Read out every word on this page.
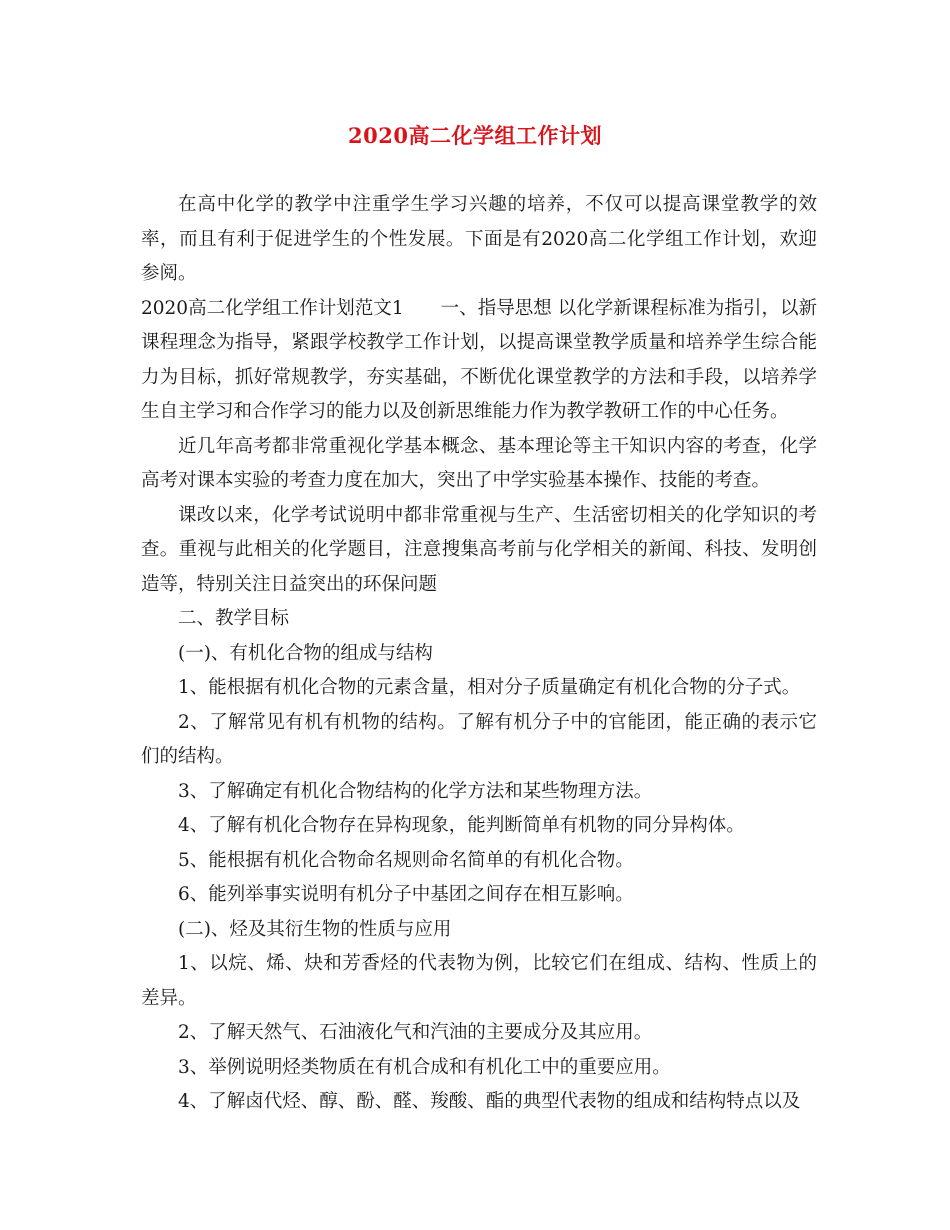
2020高二化学组工作计划

在高中化学的教学中注重学生学习兴趣的培养，不仅可以提高课堂教学的效率，而且有利于促进学生的个性发展。下面是有2020高二化学组工作计划，欢迎参阅。

2020高二化学组工作计划范文1　　一、指导思想 以化学新课程标准为指引，以新课程理念为指导，紧跟学校教学工作计划，以提高课堂教学质量和培养学生综合能力为目标，抓好常规教学，夯实基础，不断优化课堂教学的方法和手段，以培养学生自主学习和合作学习的能力以及创新思维能力作为教学教研工作的中心任务。

近几年高考都非常重视化学基本概念、基本理论等主干知识内容的考查，化学高考对课本实验的考查力度在加大，突出了中学实验基本操作、技能的考查。

课改以来，化学考试说明中都非常重视与生产、生活密切相关的化学知识的考查。重视与此相关的化学题目，注意搜集高考前与化学相关的新闻、科技、发明创造等，特别关注日益突出的环保问题

二、教学目标

(一)、有机化合物的组成与结构

1、能根据有机化合物的元素含量，相对分子质量确定有机化合物的分子式。

2、了解常见有机有机物的结构。了解有机分子中的官能团，能正确的表示它们的结构。

3、了解确定有机化合物结构的化学方法和某些物理方法。

4、了解有机化合物存在异构现象，能判断简单有机物的同分异构体。

5、能根据有机化合物命名规则命名简单的有机化合物。

6、能列举事实说明有机分子中基团之间存在相互影响。

(二)、烃及其衍生物的性质与应用

1、以烷、烯、炔和芳香烃的代表物为例，比较它们在组成、结构、性质上的差异。

2、了解天然气、石油液化气和汽油的主要成分及其应用。

3、举例说明烃类物质在有机合成和有机化工中的重要应用。

4、了解卤代烃、醇、酚、醛、羧酸、酯的典型代表物的组成和结构特点以及
